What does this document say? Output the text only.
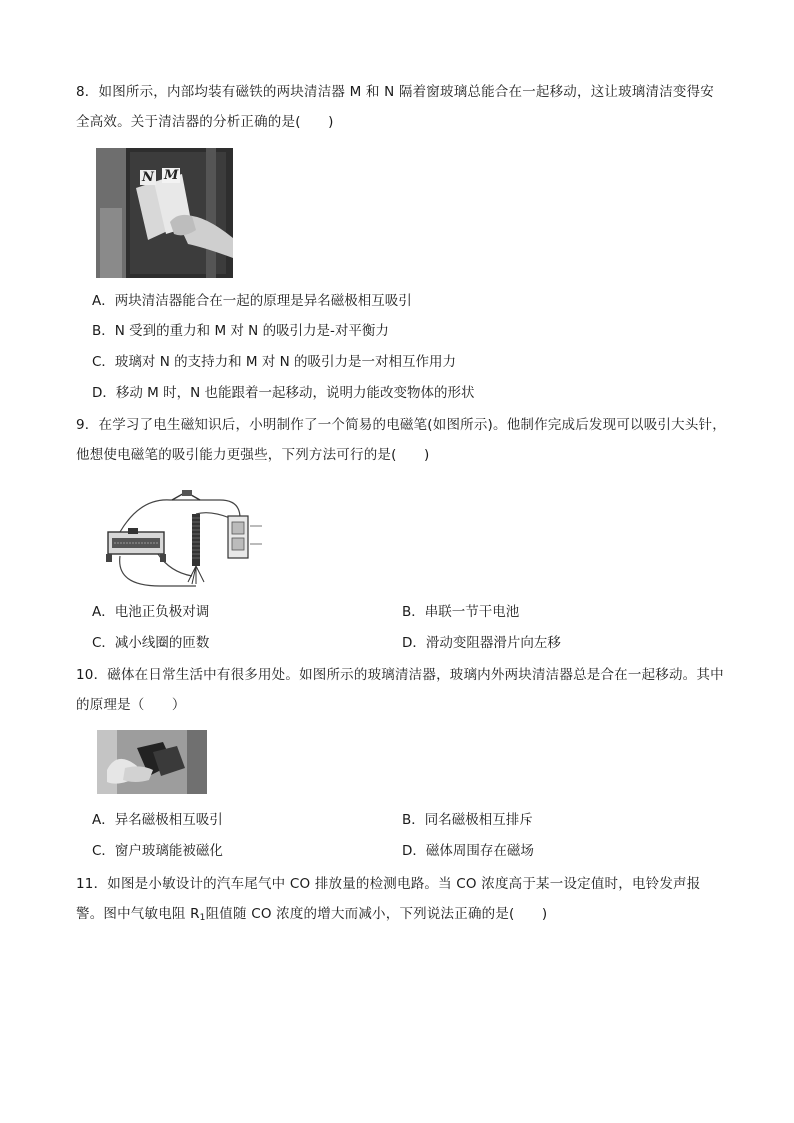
8．如图所示，内部均装有磁铁的两块清洁器 M 和 N 隔着窗玻璃总能合在一起移动，这让玻璃清洁变得安全高效。关于清洁器的分析正确的是(　　)
N M
A．两块清洁器能合在一起的原理是异名磁极相互吸引
B．N 受到的重力和 M 对 N 的吸引力是-对平衡力
C．玻璃对 N 的支持力和 M 对 N 的吸引力是一对相互作用力
D．移动 M 时，N 也能跟着一起移动，说明力能改变物体的形状
9．在学习了电生磁知识后，小明制作了一个简易的电磁笔(如图所示)。他制作完成后发现可以吸引大头针，他想使电磁笔的吸引能力更强些，下列方法可行的是(　　)
A．电池正负极对调	B．串联一节干电池
C．减小线圈的匝数	D．滑动变阻器滑片向左移
10．磁体在日常生活中有很多用处。如图所示的玻璃清洁器，玻璃内外两块清洁器总是合在一起移动。其中的原理是（　　）
A．异名磁极相互吸引	B．同名磁极相互排斥
C．窗户玻璃能被磁化	D．磁体周围存在磁场
11．如图是小敏设计的汽车尾气中 CO 排放量的检测电路。当 CO 浓度高于某一设定值时，电铃发声报警。图中气敏电阻 $R_1$阻值随 CO 浓度的增大而减小，下列说法正确的是(　　)
